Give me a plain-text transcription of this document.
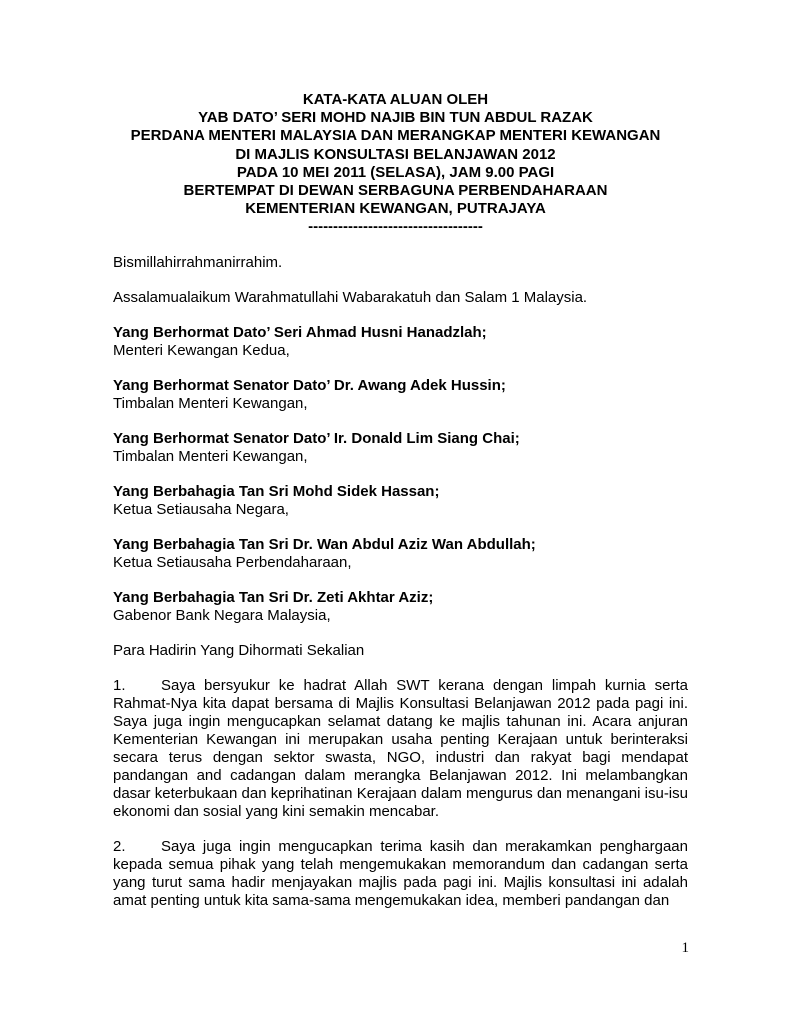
KATA-KATA ALUAN OLEH
YAB DATO’ SERI MOHD NAJIB BIN TUN ABDUL RAZAK
PERDANA MENTERI MALAYSIA DAN MERANGKAP MENTERI KEWANGAN
DI MAJLIS KONSULTASI BELANJAWAN 2012
PADA 10 MEI 2011 (SELASA), JAM 9.00 PAGI
BERTEMPAT DI DEWAN SERBAGUNA PERBENDAHARAAN
KEMENTERIAN KEWANGAN, PUTRAJAYA
-----------------------------------

Bismillahirrahmanirrahim.

Assalamualaikum Warahmatullahi Wabarakatuh dan Salam 1 Malaysia.

Yang Berhormat Dato’ Seri Ahmad Husni Hanadzlah;
Menteri Kewangan Kedua,
Yang Berhormat Senator Dato’ Dr. Awang Adek Hussin;
Timbalan Menteri Kewangan,
Yang Berhormat Senator Dato’ Ir. Donald Lim Siang Chai;
Timbalan Menteri Kewangan,
Yang Berbahagia Tan Sri Mohd Sidek Hassan;
Ketua Setiausaha Negara,
Yang Berbahagia Tan Sri Dr. Wan Abdul Aziz Wan Abdullah;
Ketua Setiausaha Perbendaharaan,
Yang Berbahagia Tan Sri Dr. Zeti Akhtar Aziz;
Gabenor Bank Negara Malaysia,

Para Hadirin Yang Dihormati Sekalian

1. Saya bersyukur ke hadrat Allah SWT kerana dengan limpah kurnia serta Rahmat-Nya kita dapat bersama di Majlis Konsultasi Belanjawan 2012 pada pagi ini. Saya juga ingin mengucapkan selamat datang ke majlis tahunan ini. Acara anjuran Kementerian Kewangan ini merupakan usaha penting Kerajaan untuk berinteraksi secara terus dengan sektor swasta, NGO, industri dan rakyat bagi mendapat pandangan and cadangan dalam merangka Belanjawan 2012. Ini melambangkan dasar keterbukaan dan keprihatinan Kerajaan dalam mengurus dan menangani isu-isu ekonomi dan sosial yang kini semakin mencabar.
2. Saya juga ingin mengucapkan terima kasih dan merakamkan penghargaan kepada semua pihak yang telah mengemukakan memorandum dan cadangan serta yang turut sama hadir menjayakan majlis pada pagi ini. Majlis konsultasi ini adalah amat penting untuk kita sama-sama mengemukakan idea, memberi pandangan dan
1
